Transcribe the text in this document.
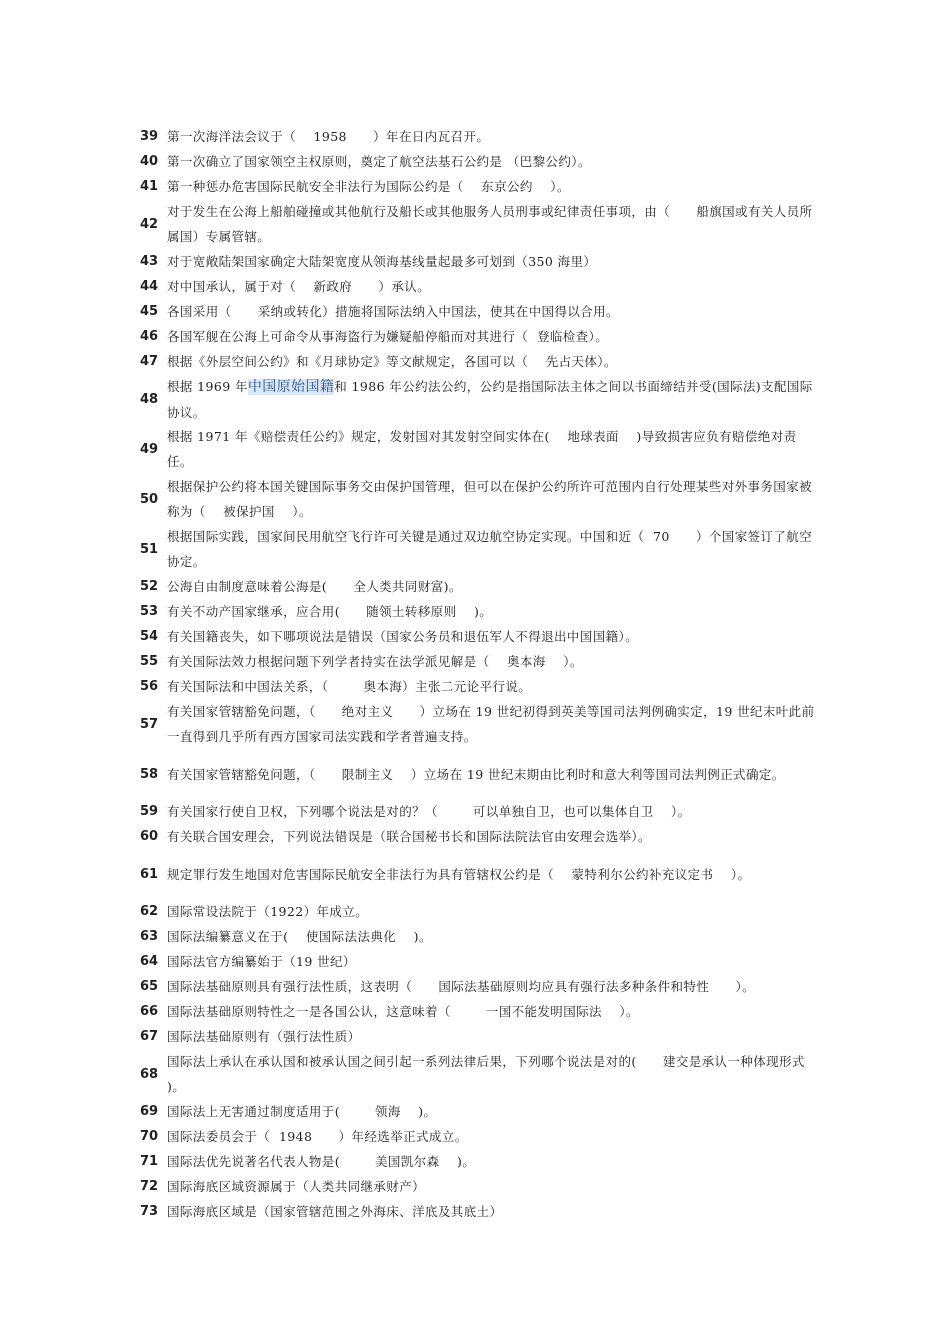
39 第一次海洋法会议于（    1958      ）年在日内瓦召开。
40 第一次确立了国家领空主权原则，奠定了航空法基石公约是 （巴黎公约）。
41 第一种惩办危害国际民航安全非法行为国际公约是（    东京公约    ）。
42
对于发生在公海上船舶碰撞或其他航行及船长或其他服务人员刑事或纪律责任事项，由（      船旗国或有关人员所属国）专属管辖。
43 对于宽敞陆架国家确定大陆架宽度从领海基线量起最多可划到（350 海里）
44 对中国承认，属于对（    新政府      ）承认。
45 各国采用（      采纳或转化）措施将国际法纳入中国法，使其在中国得以合用。
46 各国军舰在公海上可命令从事海盗行为嫌疑船停船而对其进行（  登临检查）。
47 根据《外层空间公约》和《月球协定》等文献规定，各国可以（    先占天体）。
48
根据 1969 年中国原始国籍和 1986 年公约法公约，公约是指国际法主体之间以书面缔结并受(国际法)支配国际协议。
49
根据 1971 年《赔偿责任公约》规定，发射国对其发射空间实体在(    地球表面    )导致损害应负有赔偿绝对责任。
50
根据保护公约将本国关键国际事务交由保护国管理，但可以在保护公约所许可范围内自行处理某些对外事务国家被称为（    被保护国    ）。
51
根据国际实践，国家间民用航空飞行许可关键是通过双边航空协定实现。中国和近（  70      ）个国家签订了航空协定。
52 公海自由制度意味着公海是(      全人类共同财富)。
53 有关不动产国家继承，应合用(      随领土转移原则    )。
54 有关国籍丧失，如下哪项说法是错误（国家公务员和退伍军人不得退出中国国籍）。
55 有关国际法效力根据问题下列学者持实在法学派见解是（    奥本海    ）。
56 有关国际法和中国法关系，（        奥本海）主张二元论平行说。
57
有关国家管辖豁免问题，（      绝对主义      ）立场在 19 世纪初得到英美等国司法判例确实定，19 世纪末叶此前一直得到几乎所有西方国家司法实践和学者普遍支持。
58 有关国家管辖豁免问题，（      限制主义    ）立场在 19 世纪末期由比利时和意大利等国司法判例正式确定。
59 有关国家行使自卫权，下列哪个说法是对的？（        可以单独自卫，也可以集体自卫    ）。
60 有关联合国安理会，下列说法错误是（联合国秘书长和国际法院法官由安理会选举）。
61 规定罪行发生地国对危害国际民航安全非法行为具有管辖权公约是（    蒙特利尔公约补充议定书    ）。
62 国际常设法院于（1922）年成立。
63 国际法编纂意义在于(    使国际法法典化    )。
64 国际法官方编纂始于（19 世纪）
65 国际法基础原则具有强行法性质，这表明（      国际法基础原则均应具有强行法多种条件和特性      ）。
66 国际法基础原则特性之一是各国公认，这意味着（        一国不能发明国际法    ）。
67 国际法基础原则有（强行法性质）
68
国际法上承认在承认国和被承认国之间引起一系列法律后果，下列哪个说法是对的(      建交是承认一种体现形式    )。
69 国际法上无害通过制度适用于(        领海    )。
70 国际法委员会于（  1948      ）年经选举正式成立。
71 国际法优先说著名代表人物是(        美国凯尔森    )。
72 国际海底区域资源属于（人类共同继承财产）
73 国际海底区域是（国家管辖范围之外海床、洋底及其底土）
